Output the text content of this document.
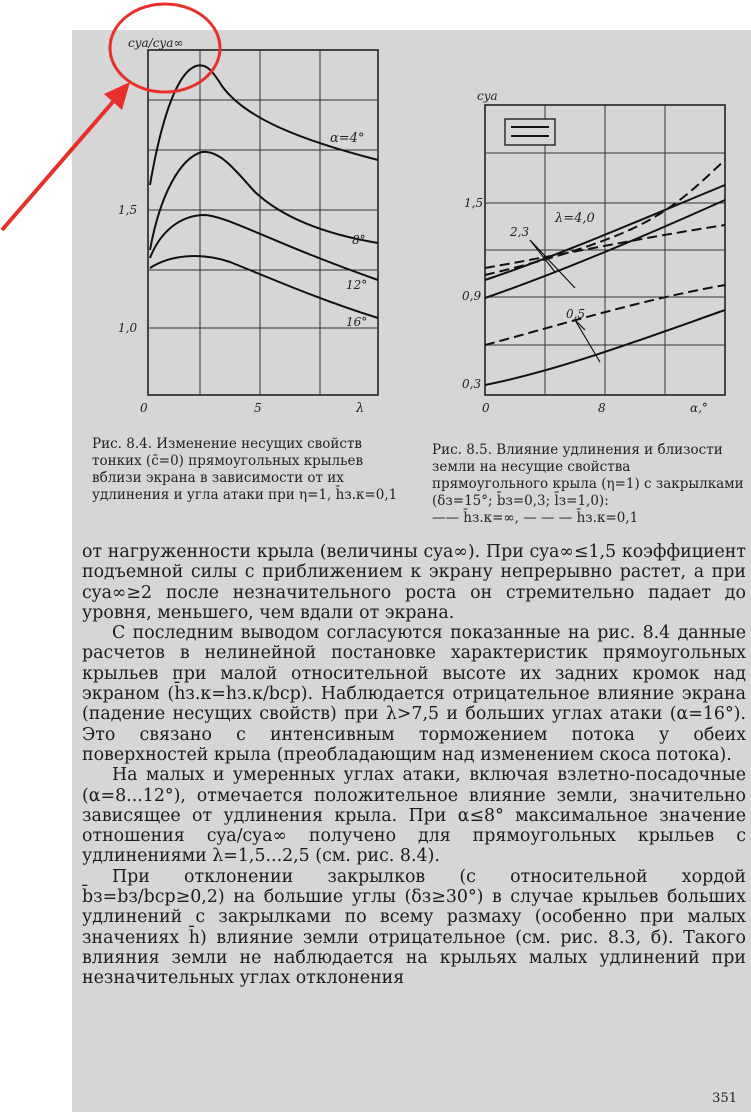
cya/cya∞
1,5
1,0
0	5	λ
α=4°
8°
12°
16°
cya
1,5
0,9
0,3
0	8	α,°
λ=4,0
2,3
0,5
Рис. 8.4. Изменение несущих свойств тонких (c̄=0) прямоугольных крыльев вблизи экрана в зависимости от их удлинения и угла атаки при η=1, h̄з.к=0,1
Рис. 8.5. Влияние удлинения и близости земли на несущие свойства прямоугольного крыла (η=1) с закрылками (δз=15°; b̄з=0,3; l̄з=1,0):
—— h̄з.к=∞, — — — h̄з.к=0,1

от нагруженности крыла (величины cya∞). При cya∞≤1,5 коэффициент подъемной силы с приближением к экрану непрерывно растет, а при cya∞≥2 после незначительного роста он стремительно падает до уровня, меньшего, чем вдали от экрана.

С последним выводом согласуются показанные на рис. 8.4 данные расчетов в нелинейной постановке характеристик прямоугольных крыльев при малой относительной высоте их задних кромок над экраном (h̄з.к=hз.к/bср). Наблюдается отрицательное влияние экрана (падение несущих свойств) при λ>7,5 и больших углах атаки (α=16°). Это связано с интенсивным торможением потока у обеих поверхностей крыла (преобладающим над изменением скоса потока).

На малых и умеренных углах атаки, включая взлетно-посадочные (α=8...12°), отмечается положительное влияние земли, значительно зависящее от удлинения крыла. При α≤8° максимальное значение отношения cya/cya∞ получено для прямоугольных крыльев с удлинениями λ=1,5...2,5 (см. рис. 8.4).

При отклонении закрылков (с относительной хордой b̄з=bз/bср≥0,2) на большие углы (δз≥30°) в случае крыльев больших удлинений с закрылками по всему размаху (особенно при малых значениях h̄) влияние земли отрицательное (см. рис. 8.3, б). Такого влияния земли не наблюдается на крыльях малых удлинений при незначительных углах отклонения

351
